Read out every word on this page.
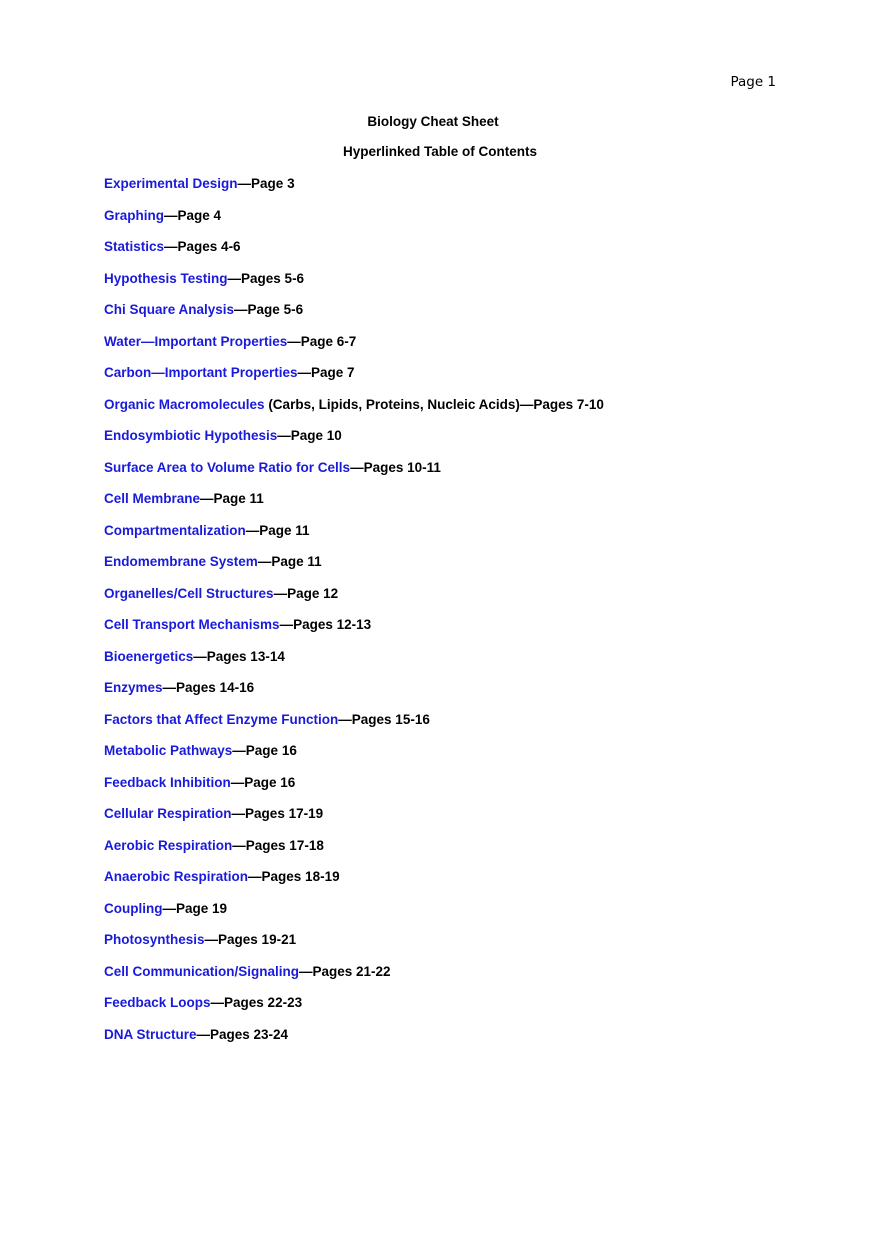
Page 1
Biology Cheat Sheet
Hyperlinked Table of Contents
Experimental Design—Page 3
Graphing—Page 4
Statistics—Pages 4-6
Hypothesis Testing—Pages 5-6
Chi Square Analysis—Page 5-6
Water—Important Properties—Page 6-7
Carbon—Important Properties—Page 7
Organic Macromolecules (Carbs, Lipids, Proteins, Nucleic Acids)—Pages 7-10
Endosymbiotic Hypothesis—Page 10
Surface Area to Volume Ratio for Cells—Pages 10-11
Cell Membrane—Page 11
Compartmentalization—Page 11
Endomembrane System—Page 11
Organelles/Cell Structures—Page 12
Cell Transport Mechanisms—Pages 12-13
Bioenergetics—Pages 13-14
Enzymes—Pages 14-16
Factors that Affect Enzyme Function—Pages 15-16
Metabolic Pathways—Page 16
Feedback Inhibition—Page 16
Cellular Respiration—Pages 17-19
Aerobic Respiration—Pages 17-18
Anaerobic Respiration—Pages 18-19
Coupling—Page 19
Photosynthesis—Pages 19-21
Cell Communication/Signaling—Pages 21-22
Feedback Loops—Pages 22-23
DNA Structure—Pages 23-24
